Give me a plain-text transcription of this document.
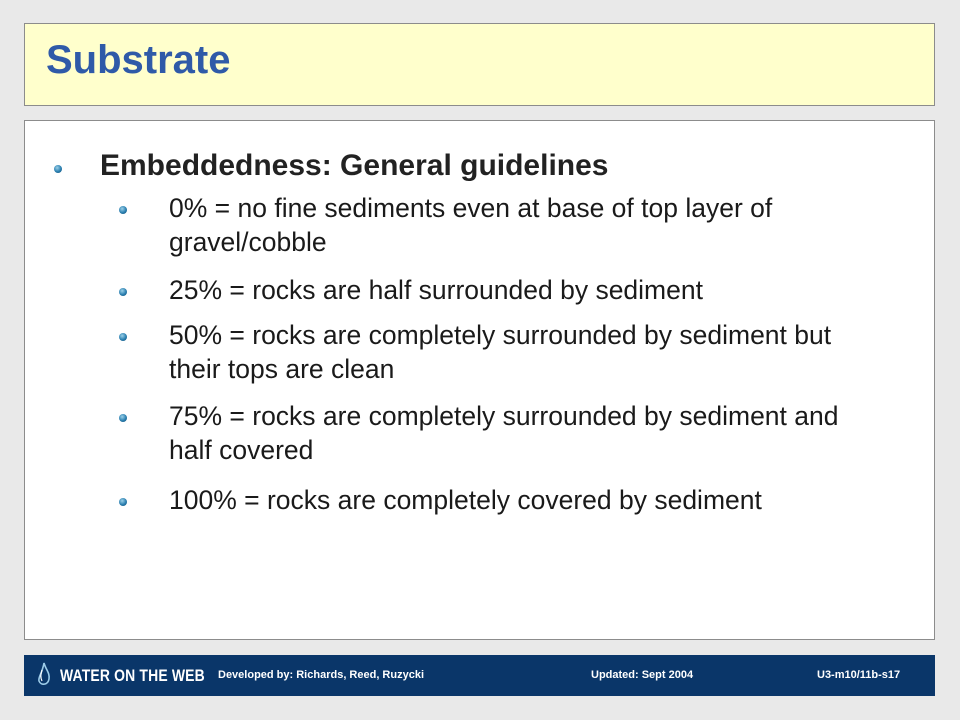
Substrate
Embeddedness: General guidelines
0% = no fine sediments even at base of top layer of gravel/cobble
25% = rocks are half surrounded by sediment
50% = rocks are completely surrounded by sediment but their tops are clean
75% = rocks are completely surrounded by sediment and half covered
100% = rocks are completely covered by sediment
WATER ON THE WEB Developed by: Richards, Reed, Ruzycki	Updated: Sept 2004	U3-m10/11b-s17
